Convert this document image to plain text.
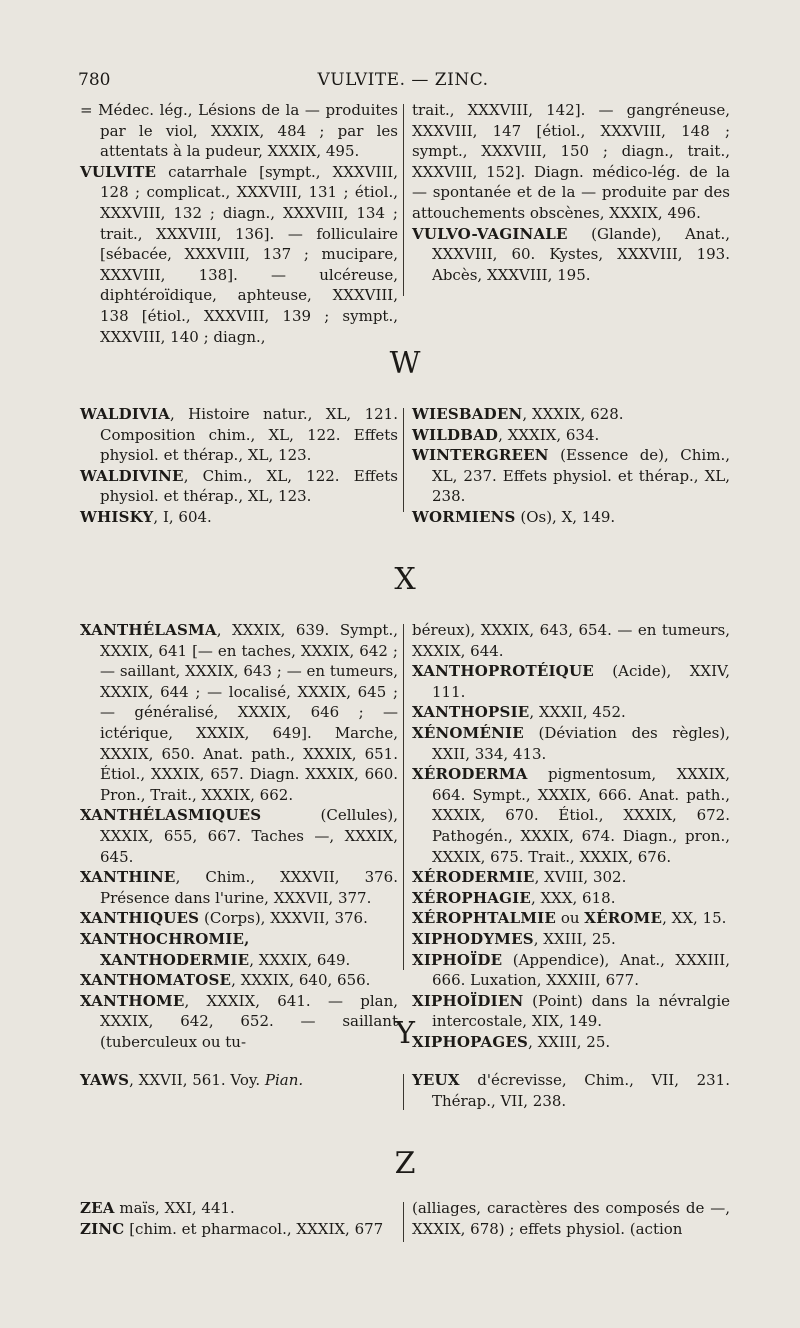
780	VULVITE. — ZINC.
= Médec. lég., Lésions de la — produites par le viol, XXXIX, 484 ; par les attentats à la pudeur, XXXIX, 495.
VULVITE catarrhale [sympt., XXXVIII, 128 ; complicat., XXXVIII, 131 ; étiol., XXXVIII, 132 ; diagn., XXXVIII, 134 ; trait., XXXVIII, 136]. — folliculaire [sébacée, XXXVIII, 137 ; mucipare, XXXVIII, 138]. — ulcéreuse, diphtéroïdique, aphteuse, XXXVIII, 138 [étiol., XXXVIII, 139 ; sympt., XXXVIII, 140 ; diagn.,
trait., XXXVIII, 142]. — gangréneuse, XXXVIII, 147 [étiol., XXXVIII, 148 ; sympt., XXXVIII, 150 ; diagn., trait., XXXVIII, 152]. Diagn. médico-lég. de la — spontanée et de la — produite par des attouchements obscènes, XXXIX, 496.
VULVO-VAGINALE (Glande), Anat., XXXVIII, 60. Kystes, XXXVIII, 193. Abcès, XXXVIII, 195.
W
WALDIVIA, Histoire natur., XL, 121. Composition chim., XL, 122. Effets physiol. et thérap., XL, 123.
WALDIVINE, Chim., XL, 122. Effets physiol. et thérap., XL, 123.
WHISKY, I, 604.
WIESBADEN, XXXIX, 628.
WILDBAD, XXXIX, 634.
WINTERGREEN (Essence de), Chim., XL, 237. Effets physiol. et thérap., XL, 238.
WORMIENS (Os), X, 149.
X
XANTHÉLASMA, XXXIX, 639. Sympt., XXXIX, 641 [— en taches, XXXIX, 642 ; — saillant, XXXIX, 643 ; — en tumeurs, XXXIX, 644 ; — localisé, XXXIX, 645 ; — généralisé, XXXIX, 646 ; — ictérique, XXXIX, 649]. Marche, XXXIX, 650. Anat. path., XXXIX, 651. Étiol., XXXIX, 657. Diagn. XXXIX, 660. Pron., Trait., XXXIX, 662.
XANTHÉLASMIQUES (Cellules), XXXIX, 655, 667. Taches —, XXXIX, 645.
XANTHINE, Chim., XXXVII, 376. Présence dans l'urine, XXXVII, 377.
XANTHIQUES (Corps), XXXVII, 376.
XANTHOCHROMIE, XANTHODERMIE, XXXIX, 649.
XANTHOMATOSE, XXXIX, 640, 656.
XANTHOME, XXXIX, 641. — plan, XXXIX, 642, 652. — saillant (tuberculeux ou tu-
béreux), XXXIX, 643, 654. — en tumeurs, XXXIX, 644.
XANTHOPROTÉIQUE (Acide), XXIV, 111.
XANTHOPSIE, XXXII, 452.
XÉNOMÉNIE (Déviation des règles), XXII, 334, 413.
XÉRODERMA pigmentosum, XXXIX, 664. Sympt., XXXIX, 666. Anat. path., XXXIX, 670. Étiol., XXXIX, 672. Pathogén., XXXIX, 674. Diagn., pron., XXXIX, 675. Trait., XXXIX, 676.
XÉRODERMIE, XVIII, 302.
XÉROPHAGIE, XXX, 618.
XÉROPHTALMIE ou XÉROME, XX, 15.
XIPHODYMES, XXIII, 25.
XIPHOÏDE (Appendice), Anat., XXXIII, 666. Luxation, XXXIII, 677.
XIPHOÏDIEN (Point) dans la névralgie intercostale, XIX, 149.
XIPHOPAGES, XXIII, 25.
Y
YAWS, XXVII, 561. Voy. Pian.	YEUX d'écrevisse, Chim., VII, 231. Thérap., VII, 238.
Z
ZEA maïs, XXI, 441.
ZINC [chim. et pharmacol., XXXIX, 677
(alliages, caractères des composés de —, XXXIX, 678) ; effets physiol. (action
